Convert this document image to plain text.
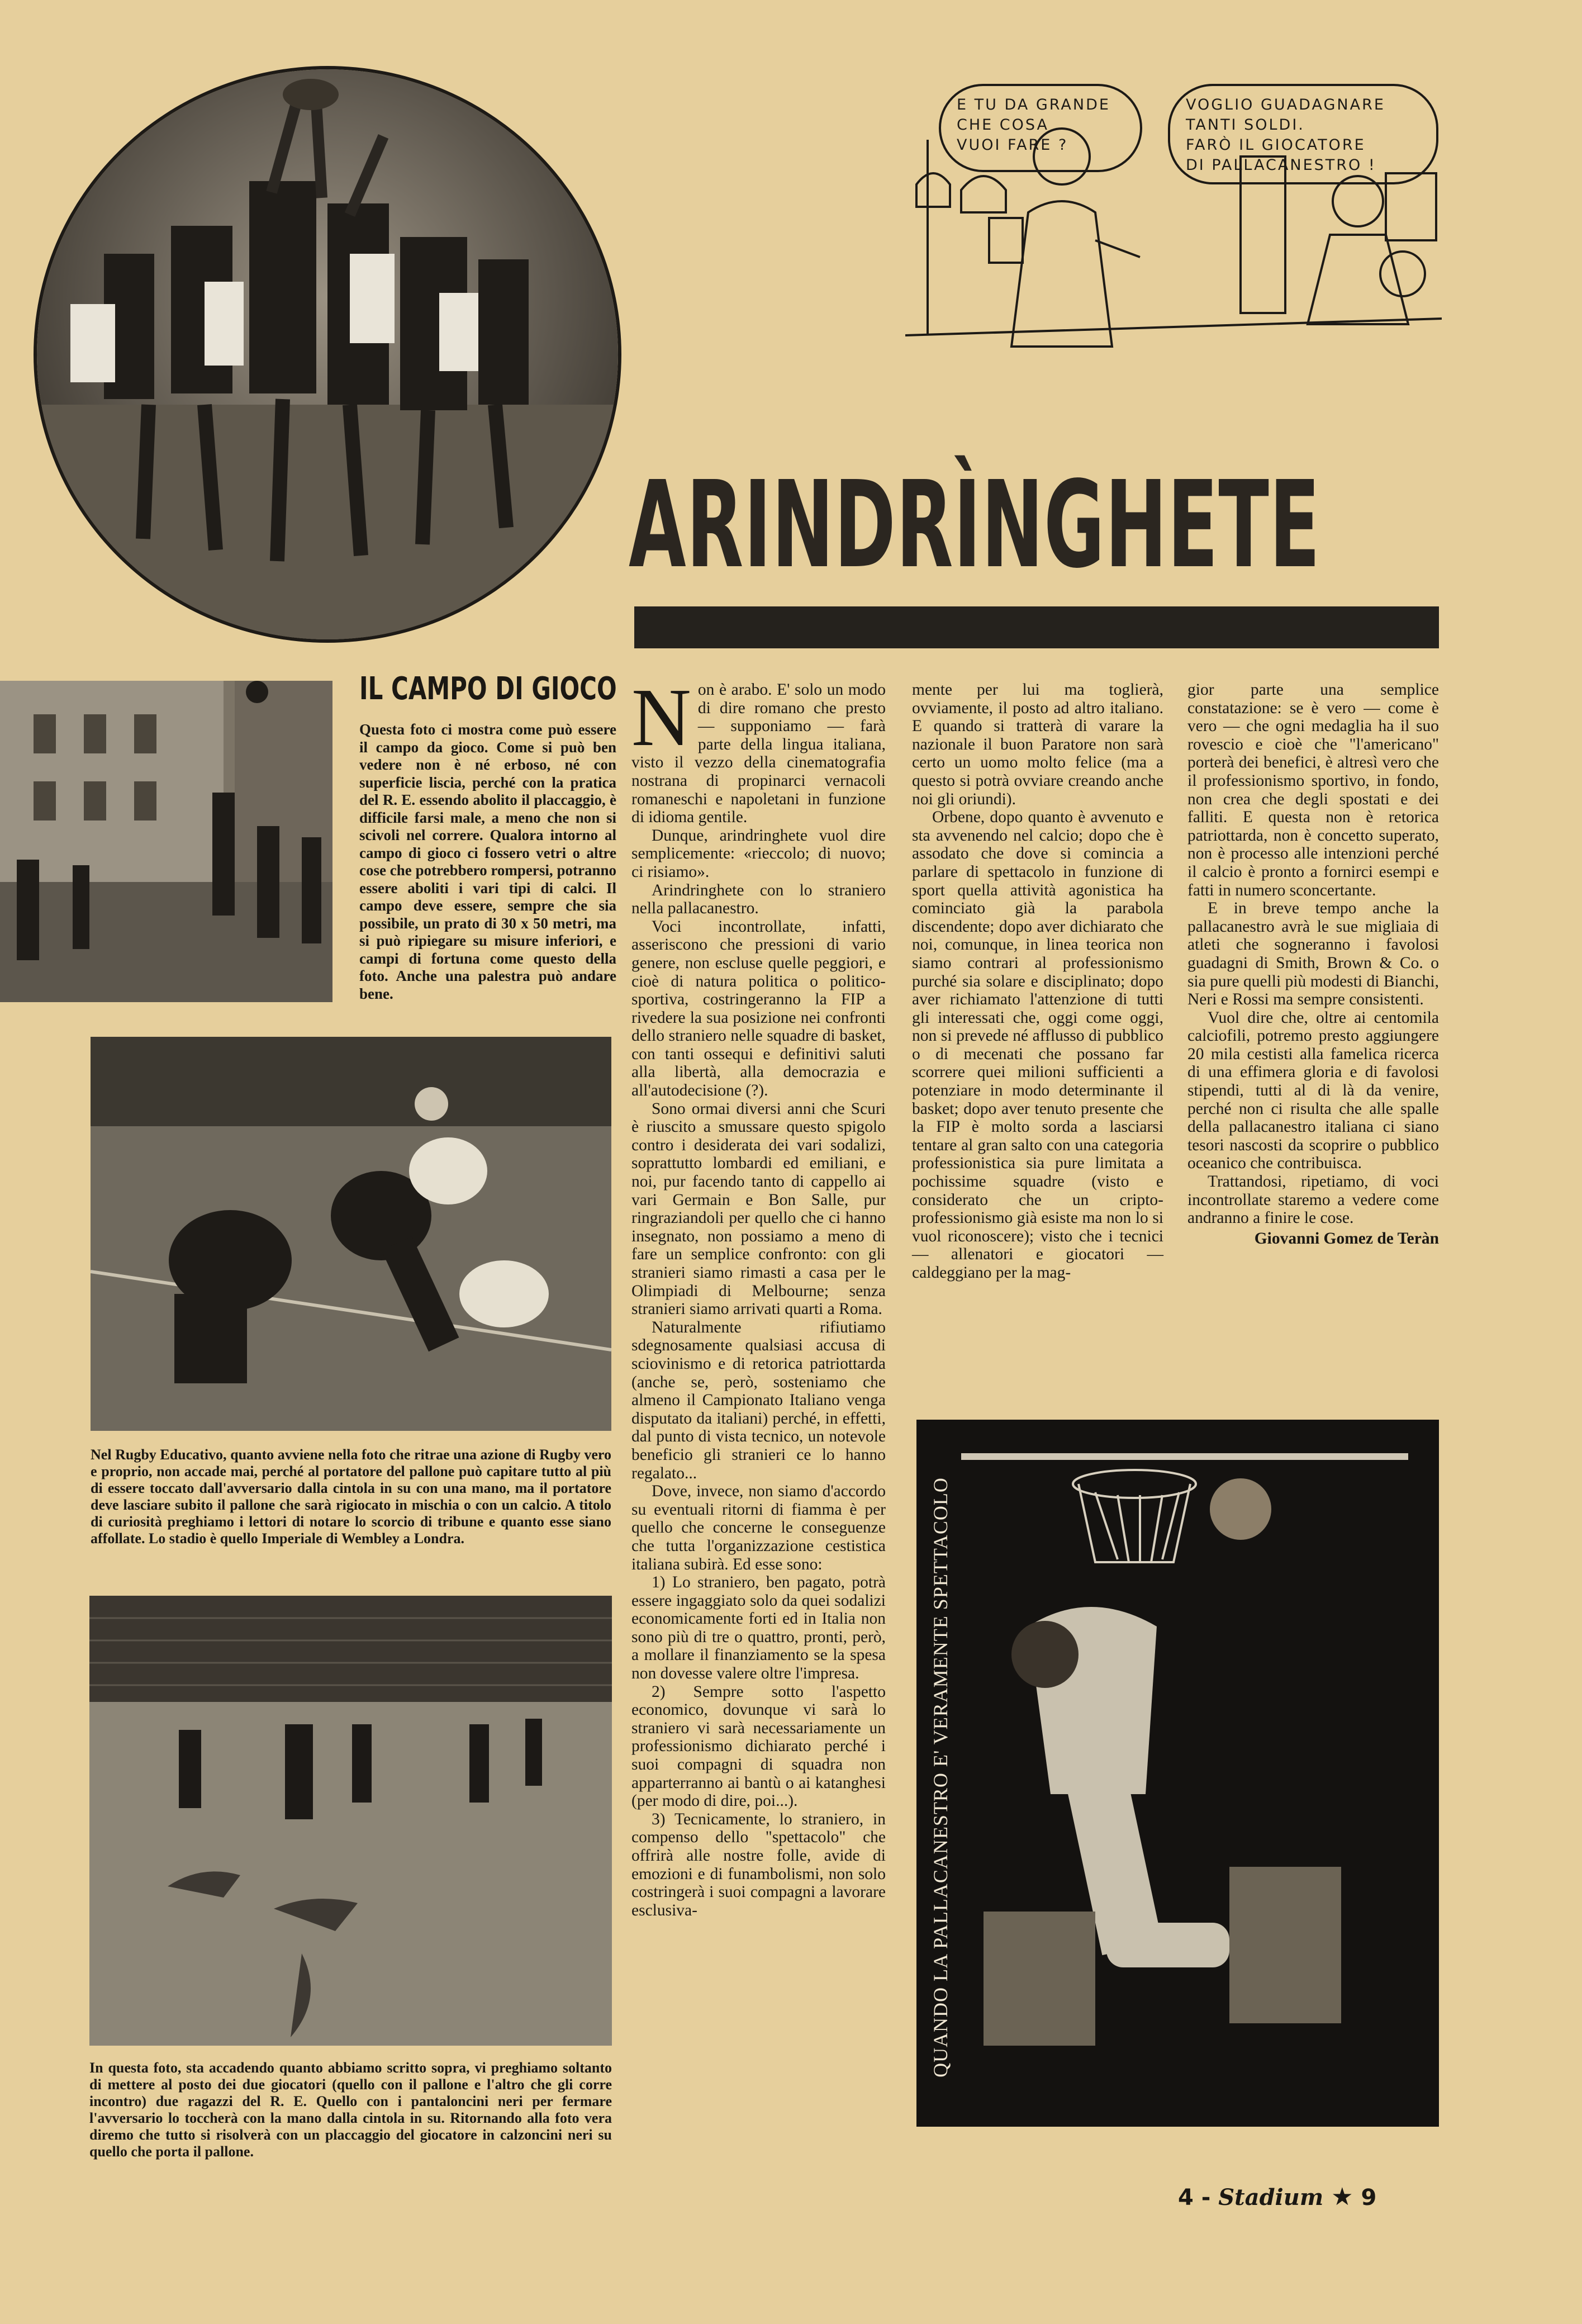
E TU DA GRANDE
CHE COSA
VUOI FARE ?
VOGLIO GUADAGNARE
TANTI SOLDI.
FARÒ IL GIOCATORE
DI PALLACANESTRO !
ARINDRÌNGHETE
IL CAMPO DI GIOCO
Questa foto ci mostra come può essere il campo da gioco. Come si può ben vedere non è né erboso, né con superficie liscia, perché con la pratica del R. E. essendo abolito il placcaggio, è difficile farsi male, a meno che non si scivoli nel correre. Qualora intorno al campo di gioco ci fossero vetri o altre cose che potrebbero rompersi, potranno essere aboliti i vari tipi di calci. Il campo deve essere, sempre che sia possibile, un prato di 30 x 50 metri, ma si può ripiegare su misure inferiori, e campi di fortuna come questo della foto. Anche una palestra può andare bene.
Nel Rugby Educativo, quanto avviene nella foto che ritrae una azione di Rugby vero e proprio, non accade mai, perché al portatore del pallone può capitare tutto al più di essere toccato dall'avversario dalla cintola in su con una mano, ma il portatore deve lasciare subito il pallone che sarà rigiocato in mischia o con un calcio. A titolo di curiosità preghiamo i lettori di notare lo scorcio di tribune e quanto esse siano affollate. Lo stadio è quello Imperiale di Wembley a Londra.
In questa foto, sta accadendo quanto abbiamo scritto sopra, vi preghiamo soltanto di mettere al posto dei due giocatori (quello con il pallone e l'altro che gli corre incontro) due ragazzi del R. E. Quello con i pantaloncini neri per fermare l'avversario lo toccherà con la mano dalla cintola in su. Ritornando alla foto vera diremo che tutto si risolverà con un placcaggio del giocatore in calzoncini neri su quello che porta il pallone.
N on è arabo. E' solo un modo di dire romano che presto — supponiamo — farà parte della lingua italiana, visto il vezzo della cinematografia nostrana di propinarci vernacoli romaneschi e napoletani in funzione di idioma gentile.

Dunque, arindringhete vuol dire semplicemente: «rieccolo; di nuovo; ci risiamo».

Arindringhete con lo straniero nella pallacanestro.

Voci incontrollate, infatti, asseriscono che pressioni di vario genere, non escluse quelle peggiori, e cioè di natura politica o politico-sportiva, costringeranno la FIP a rivedere la sua posizione nei confronti dello straniero nelle squadre di basket, con tanti ossequi e definitivi saluti alla libertà, alla democrazia e all'autodecisione (?).

Sono ormai diversi anni che Scuri è riuscito a smussare questo spigolo contro i desiderata dei vari sodalizi, soprattutto lombardi ed emiliani, e noi, pur facendo tanto di cappello ai vari Germain e Bon Salle, pur ringraziandoli per quello che ci hanno insegnato, non possiamo a meno di fare un semplice confronto: con gli stranieri siamo rimasti a casa per le Olimpiadi di Melbourne; senza stranieri siamo arrivati quarti a Roma.

Naturalmente rifiutiamo sdegnosamente qualsiasi accusa di sciovinismo e di retorica patriottarda (anche se, però, sosteniamo che almeno il Campionato Italiano venga disputato da italiani) perché, in effetti, dal punto di vista tecnico, un notevole beneficio gli stranieri ce lo hanno regalato...

Dove, invece, non siamo d'accordo su eventuali ritorni di fiamma è per quello che concerne le conseguenze che tutta l'organizzazione cestistica italiana subirà. Ed esse sono:

1) Lo straniero, ben pagato, potrà essere ingaggiato solo da quei sodalizi economicamente forti ed in Italia non sono più di tre o quattro, pronti, però, a mollare il finanziamento se la spesa non dovesse valere oltre l'impresa.

2) Sempre sotto l'aspetto economico, dovunque vi sarà lo straniero vi sarà necessariamente un professionismo dichiarato perché i suoi compagni di squadra non apparterranno ai bantù o ai katanghesi (per modo di dire, poi...).

3) Tecnicamente, lo straniero, in compenso dello "spettacolo" che offrirà alle nostre folle, avide di emozioni e di funambolismi, non solo costringerà i suoi compagni a lavorare esclusiva-

mente per lui ma toglierà, ovviamente, il posto ad altro italiano. E quando si tratterà di varare la nazionale il buon Paratore non sarà certo un uomo molto felice (ma a questo si potrà ovviare creando anche noi gli oriundi).

Orbene, dopo quanto è avvenuto e sta avvenendo nel calcio; dopo che è assodato che dove si comincia a parlare di spettacolo in funzione di sport quella attività agonistica ha cominciato già la parabola discendente; dopo aver dichiarato che noi, comunque, in linea teorica non siamo contrari al professionismo purché sia solare e disciplinato; dopo aver richiamato l'attenzione di tutti gli interessati che, oggi come oggi, non si prevede né afflusso di pubblico o di mecenati che possano far scorrere quei milioni sufficienti a potenziare in modo determinante il basket; dopo aver tenuto presente che la FIP è molto sorda a lasciarsi tentare al gran salto con una categoria professionistica sia pure limitata a pochissime squadre (visto e considerato che un cripto-professionismo già esiste ma non lo si vuol riconoscere); visto che i tecnici — allenatori e giocatori — caldeggiano per la mag-

gior parte una semplice constatazione: se è vero — come è vero — che ogni medaglia ha il suo rovescio e cioè che "l'americano" porterà dei benefici, è altresì vero che il professionismo sportivo, in fondo, non crea che degli spostati e dei falliti. E questa non è retorica patriottarda, non è concetto superato, non è processo alle intenzioni perché il calcio è pronto a fornirci esempi e fatti in numero sconcertante.

E in breve tempo anche la pallacanestro avrà le sue migliaia di atleti che sogneranno i favolosi guadagni di Smith, Brown & Co. o sia pure quelli più modesti di Bianchi, Neri e Rossi ma sempre consistenti.

Vuol dire che, oltre ai centomila calciofili, potremo presto aggiungere 20 mila cestisti alla famelica ricerca di una effimera gloria e di favolosi stipendi, tutti al di là da venire, perché non ci risulta che alle spalle della pallacanestro italiana ci siano tesori nascosti da scoprire o pubblico oceanico che contribuisca.

Trattandosi, ripetiamo, di voci incontrollate staremo a vedere come andranno a finire le cose.

Giovanni Gomez de Teràn
QUANDO LA PALLACANESTRO E' VERAMENTE SPETTACOLO
4 - Stadium ★ 9
